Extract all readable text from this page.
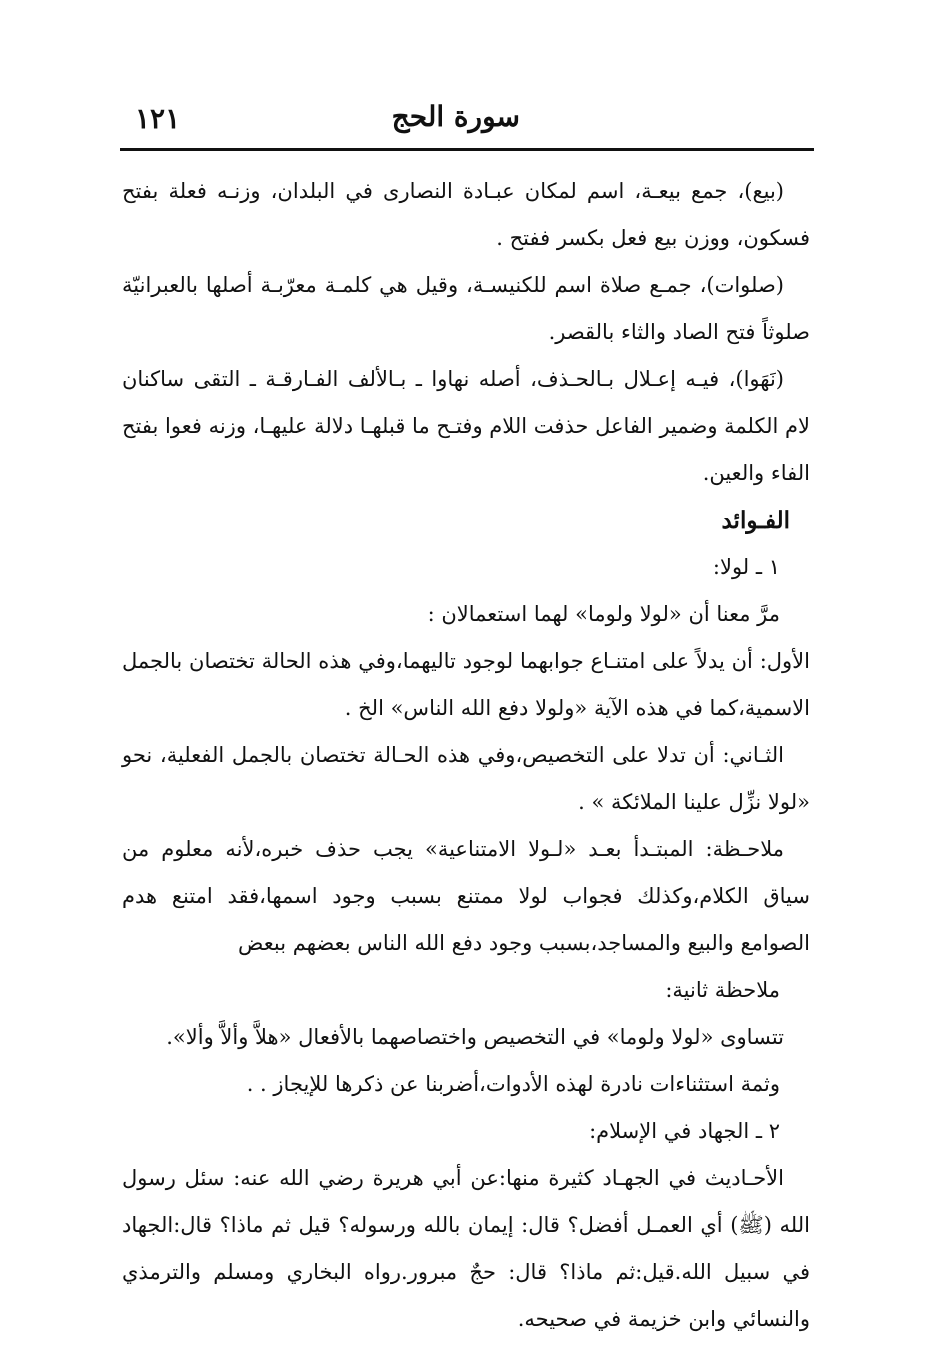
١٢١	سورة الحج

(بيع)، جمع بيعـة، اسم لمكان عبـادة النصارى في البلدان، وزنـه فعلة بفتح فسكون، ووزن بيع فعل بكسر ففتح .

(صلوات)، جمـع صلاة اسم للكنيسـة، وقيل هي كلمـة معرّبـة أصلها بالعبرانيّة صلوثاً فتح الصاد والثاء بالقصر.

(نَهَوا)، فيـه إعـلال بـالحـذف، أصله نهاوا ـ بـالألف الفـارقـة ـ التقى ساكنان لام الكلمة وضمير الفاعل حذفت اللام وفتـح ما قبلهـا دلالة عليهـا، وزنه فعوا بفتح الفاء والعين.

الفـوائد

١ ـ لولا:

مرَّ معنا أن «لولا ولوما» لهما استعمالان :

الأول: أن يدلاً على امتنـاع جوابهما لوجود تاليهما،وفي هذه الحالة تختصان بالجمل الاسمية،كما في هذه الآية «ولولا دفع الله الناس» الخ .

الثـاني: أن تدلا على التخصيص،وفي هذه الحـالة تختصان بالجمل الفعلية، نحو «لولا نزِّل علينا الملائكة » .

ملاحـظة: المبتـدأ بعـد «لـولا الامتناعية» يجب حذف خبره،لأنه معلوم من سياق الكلام،وكذلك فجواب لولا ممتنع بسبب وجود اسمها،فقد امتنع هدم الصوامع والبيع والمساجد،بسبب وجود دفع الله الناس بعضهم ببعض

ملاحظة ثانية:

تتساوى «لولا ولوما» في التخصيص واختصاصهما بالأفعال «هلاَّ وألاَّ وألا».

وثمة استثناءات نادرة لهذه الأدوات،أضربنا عن ذكرها للإيجاز . .

٢ ـ الجهاد في الإسلام:

الأحـاديث في الجهـاد كثيرة منها:عن أبي هريرة رضي الله عنه: سئل رسول الله (ﷺ) أي العمـل أفضل؟ قال: إيمان بالله ورسوله؟ قيل ثم ماذا؟ قال:الجهاد في سبيل الله.قيل:ثم ماذا؟ قال: حجٌ مبرور.رواه البخاري ومسلم والترمذي والنسائي وابن خزيمة في صحيحه.
